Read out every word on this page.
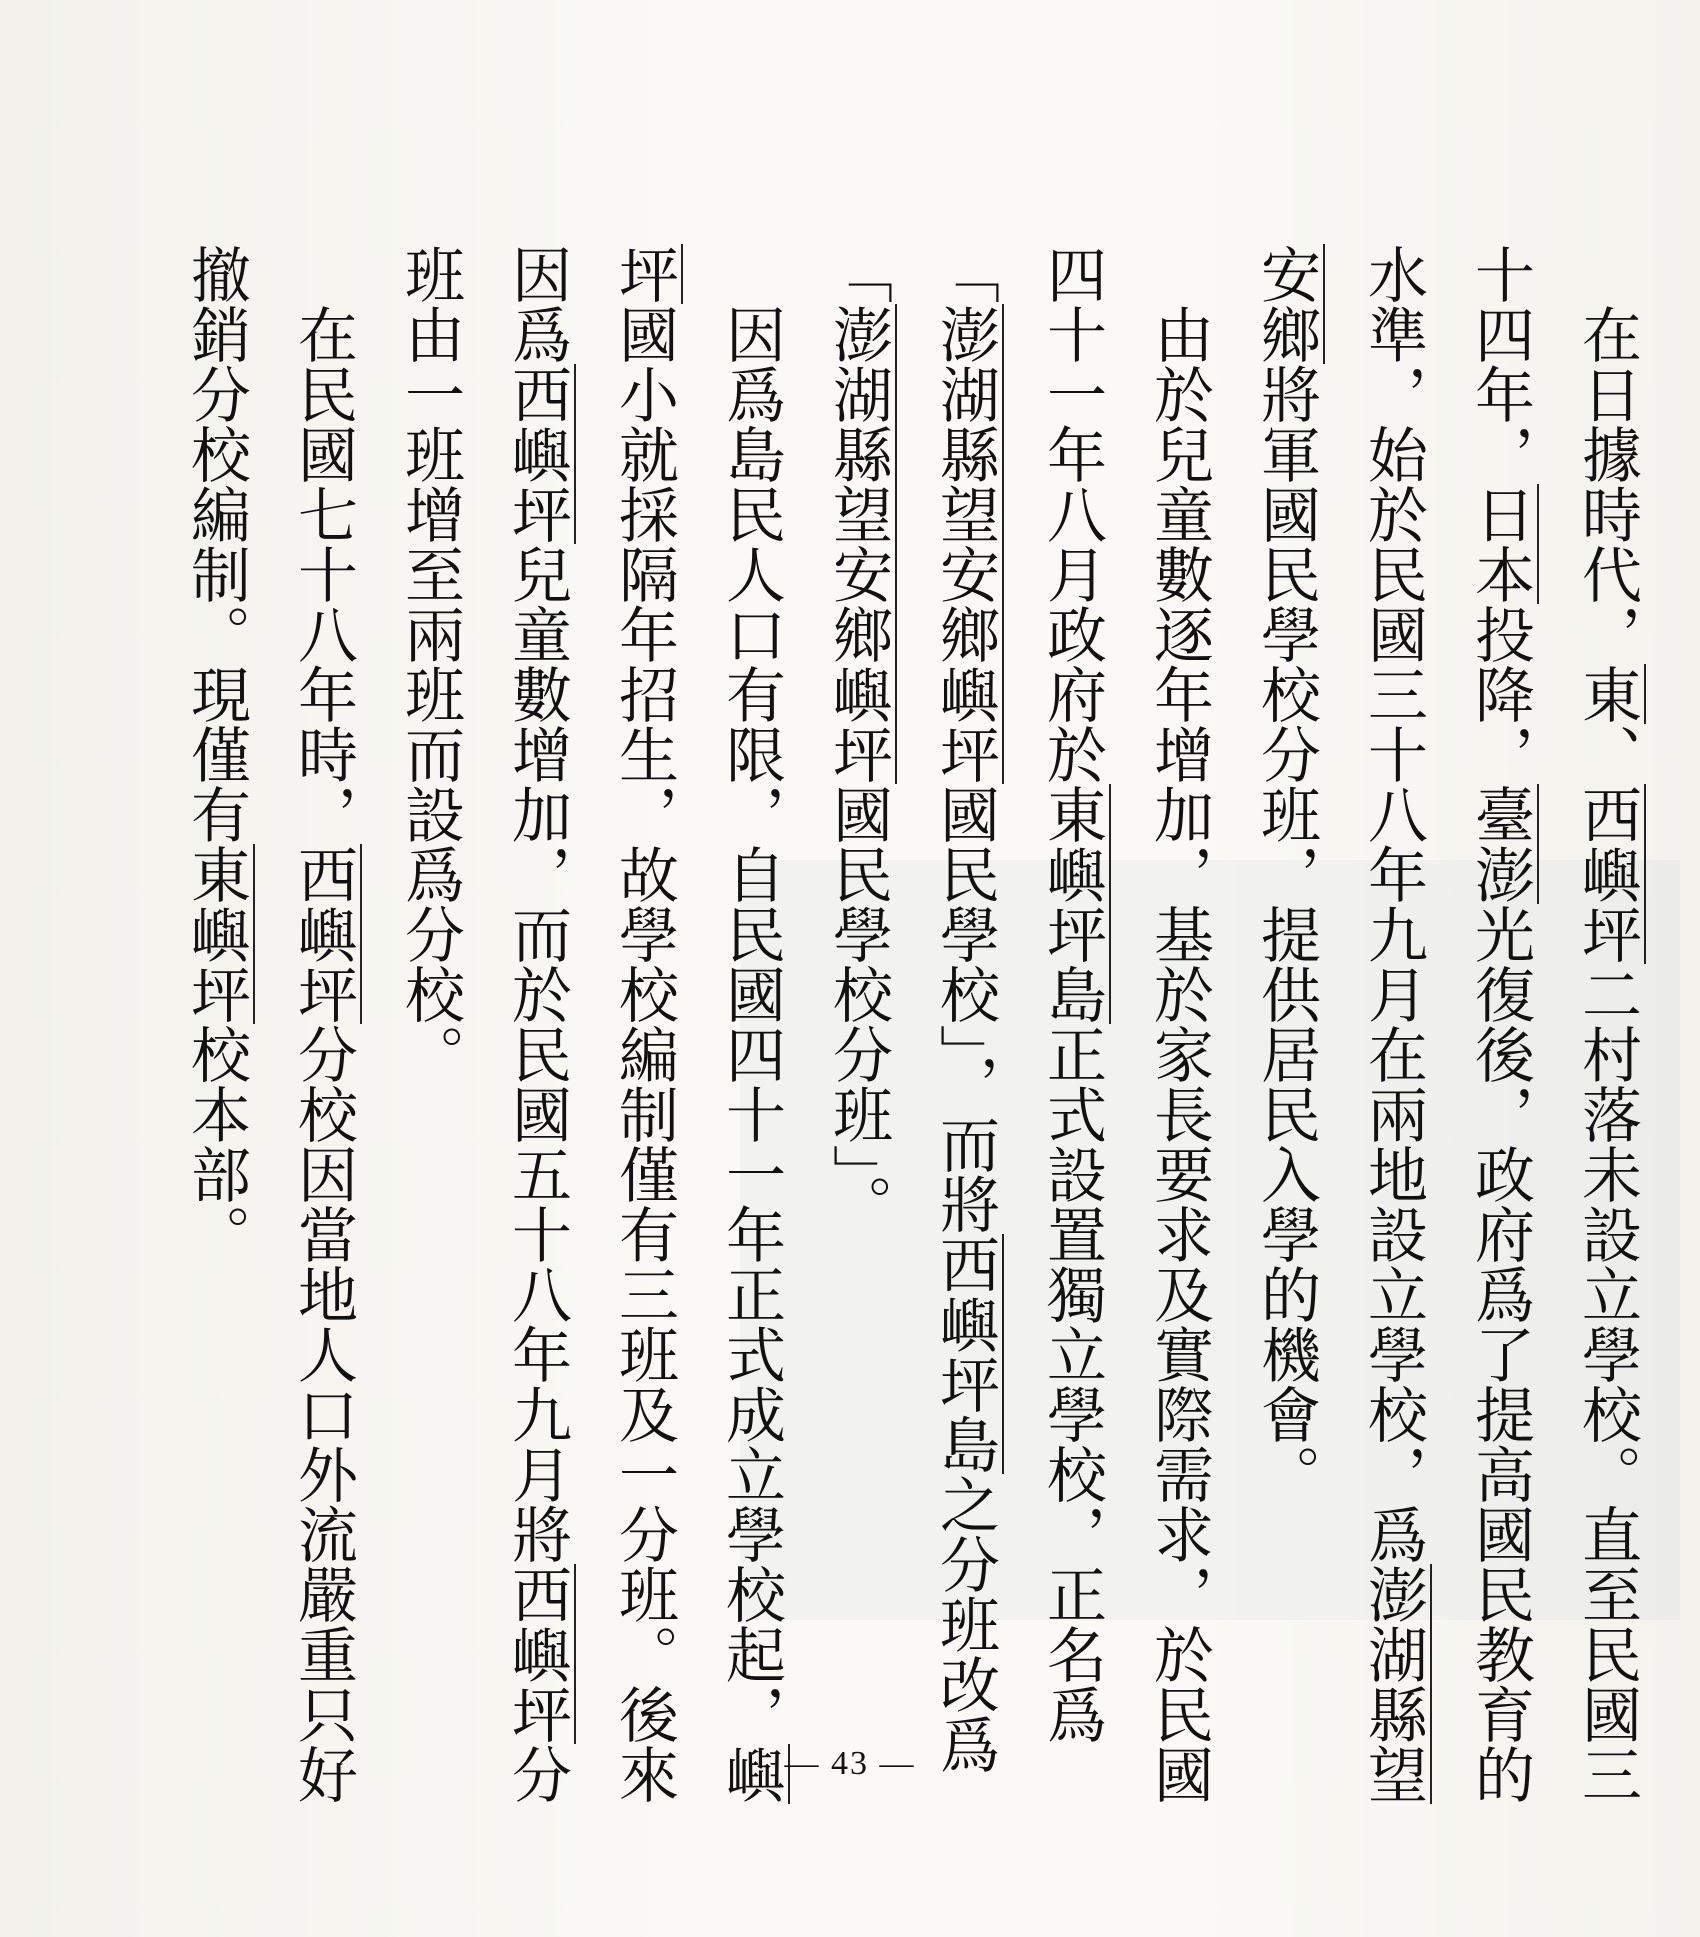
在日據時代，東、西嶼坪二村落未設立學校。直至民國三十四年，日本投降，臺澎光復後，政府爲了提高國民教育的水準，始於民國三十八年九月在兩地設立學校，爲澎湖縣望安鄉將軍國民學校分班，提供居民入學的機會。

由於兒童數逐年增加，基於家長要求及實際需求，於民國四十一年八月政府於東嶼坪島正式設置獨立學校，正名爲「澎湖縣望安鄉嶼坪國民學校」，而將西嶼坪島之分班改爲「澎湖縣望安鄉嶼坪國民學校分班」。

因爲島民人口有限，自民國四十一年正式成立學校起，嶼坪國小就採隔年招生，故學校編制僅有三班及一分班。後來因爲西嶼坪兒童數增加，而於民國五十八年九月將西嶼坪分班由一班增至兩班而設爲分校。

在民國七十八年時，西嶼坪分校因當地人口外流嚴重只好撤銷分校編制。現僅有東嶼坪校本部。

— 43 —
